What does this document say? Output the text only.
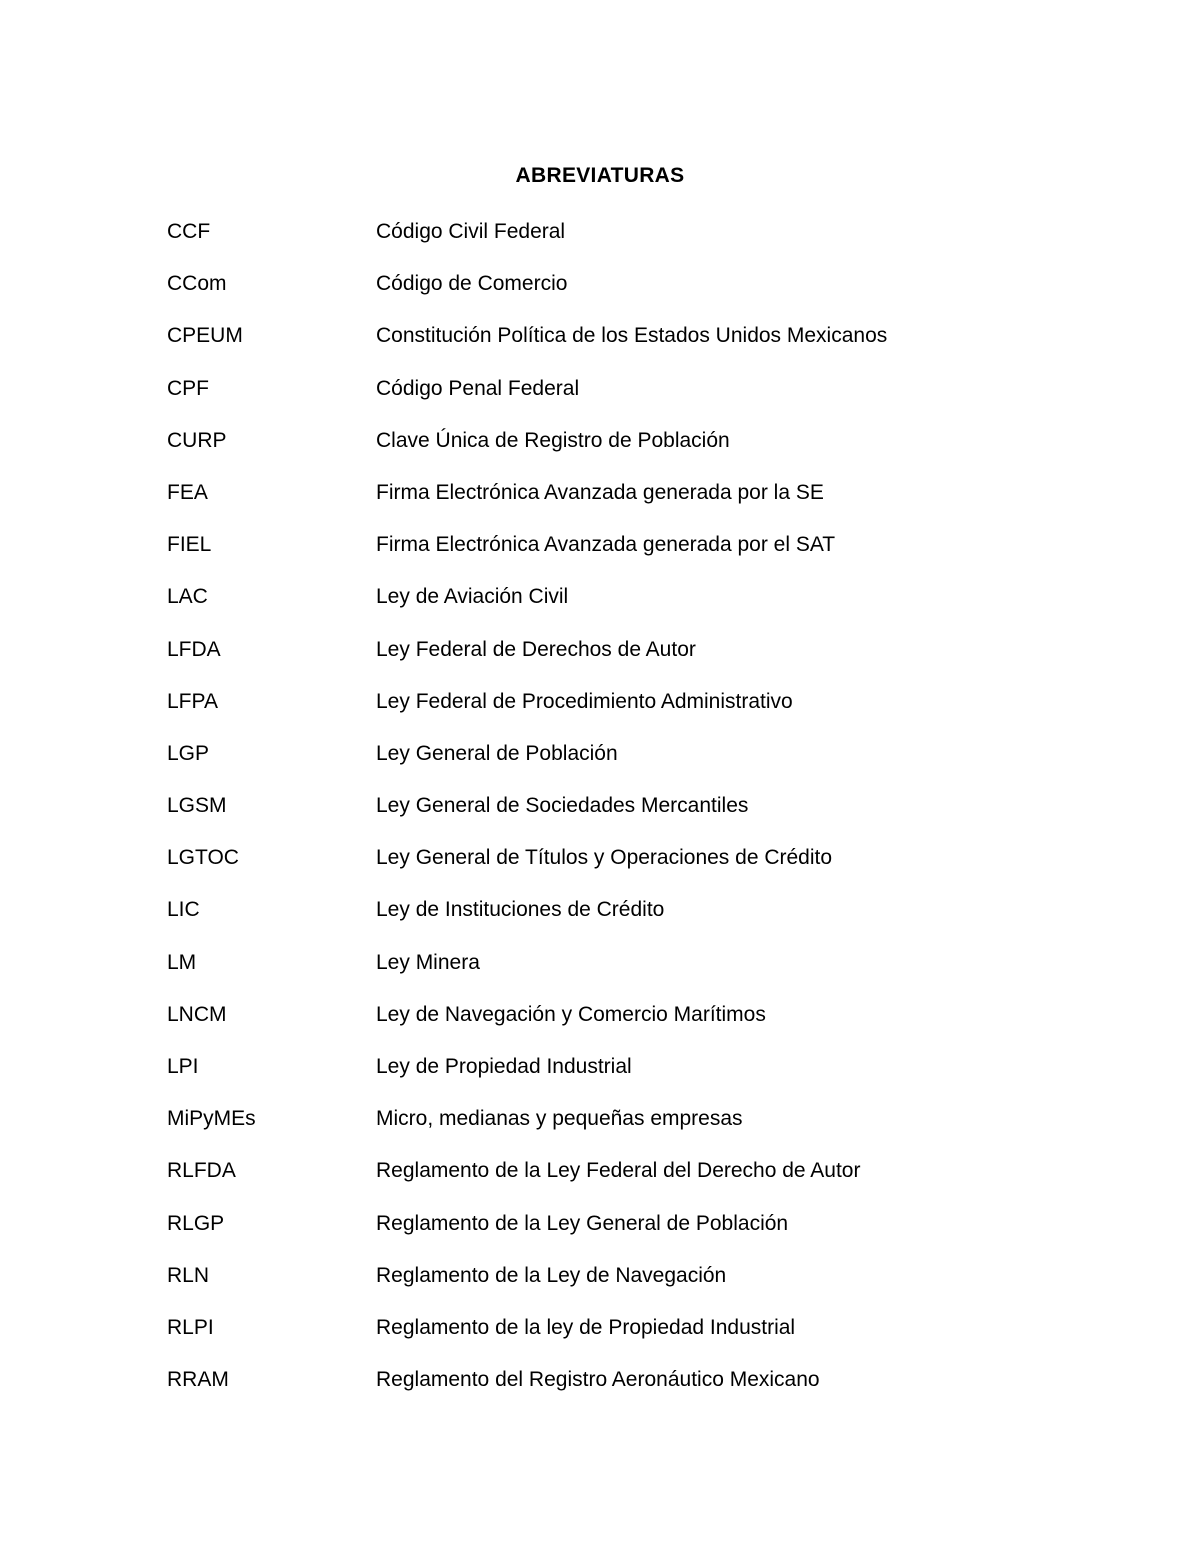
ABREVIATURAS
CCF	Código Civil Federal
CCom	Código de Comercio
CPEUM	Constitución Política de los Estados Unidos Mexicanos
CPF	Código Penal Federal
CURP	Clave Única de Registro de Población
FEA	Firma Electrónica Avanzada generada por la SE
FIEL	Firma Electrónica Avanzada generada por el SAT
LAC	Ley de Aviación Civil
LFDA	Ley Federal de Derechos de Autor
LFPA	Ley Federal de Procedimiento Administrativo
LGP	Ley General de Población
LGSM	Ley General de Sociedades Mercantiles
LGTOC	Ley General de Títulos y Operaciones de Crédito
LIC	Ley de Instituciones de Crédito
LM	Ley Minera
LNCM	Ley de Navegación y Comercio Marítimos
LPI	Ley de Propiedad Industrial
MiPyMEs	Micro, medianas y pequeñas empresas
RLFDA	Reglamento de la Ley Federal del Derecho de Autor
RLGP	Reglamento de la Ley General de Población
RLN	Reglamento de la Ley de Navegación
RLPI	Reglamento de la ley de Propiedad Industrial
RRAM	Reglamento del Registro Aeronáutico Mexicano
